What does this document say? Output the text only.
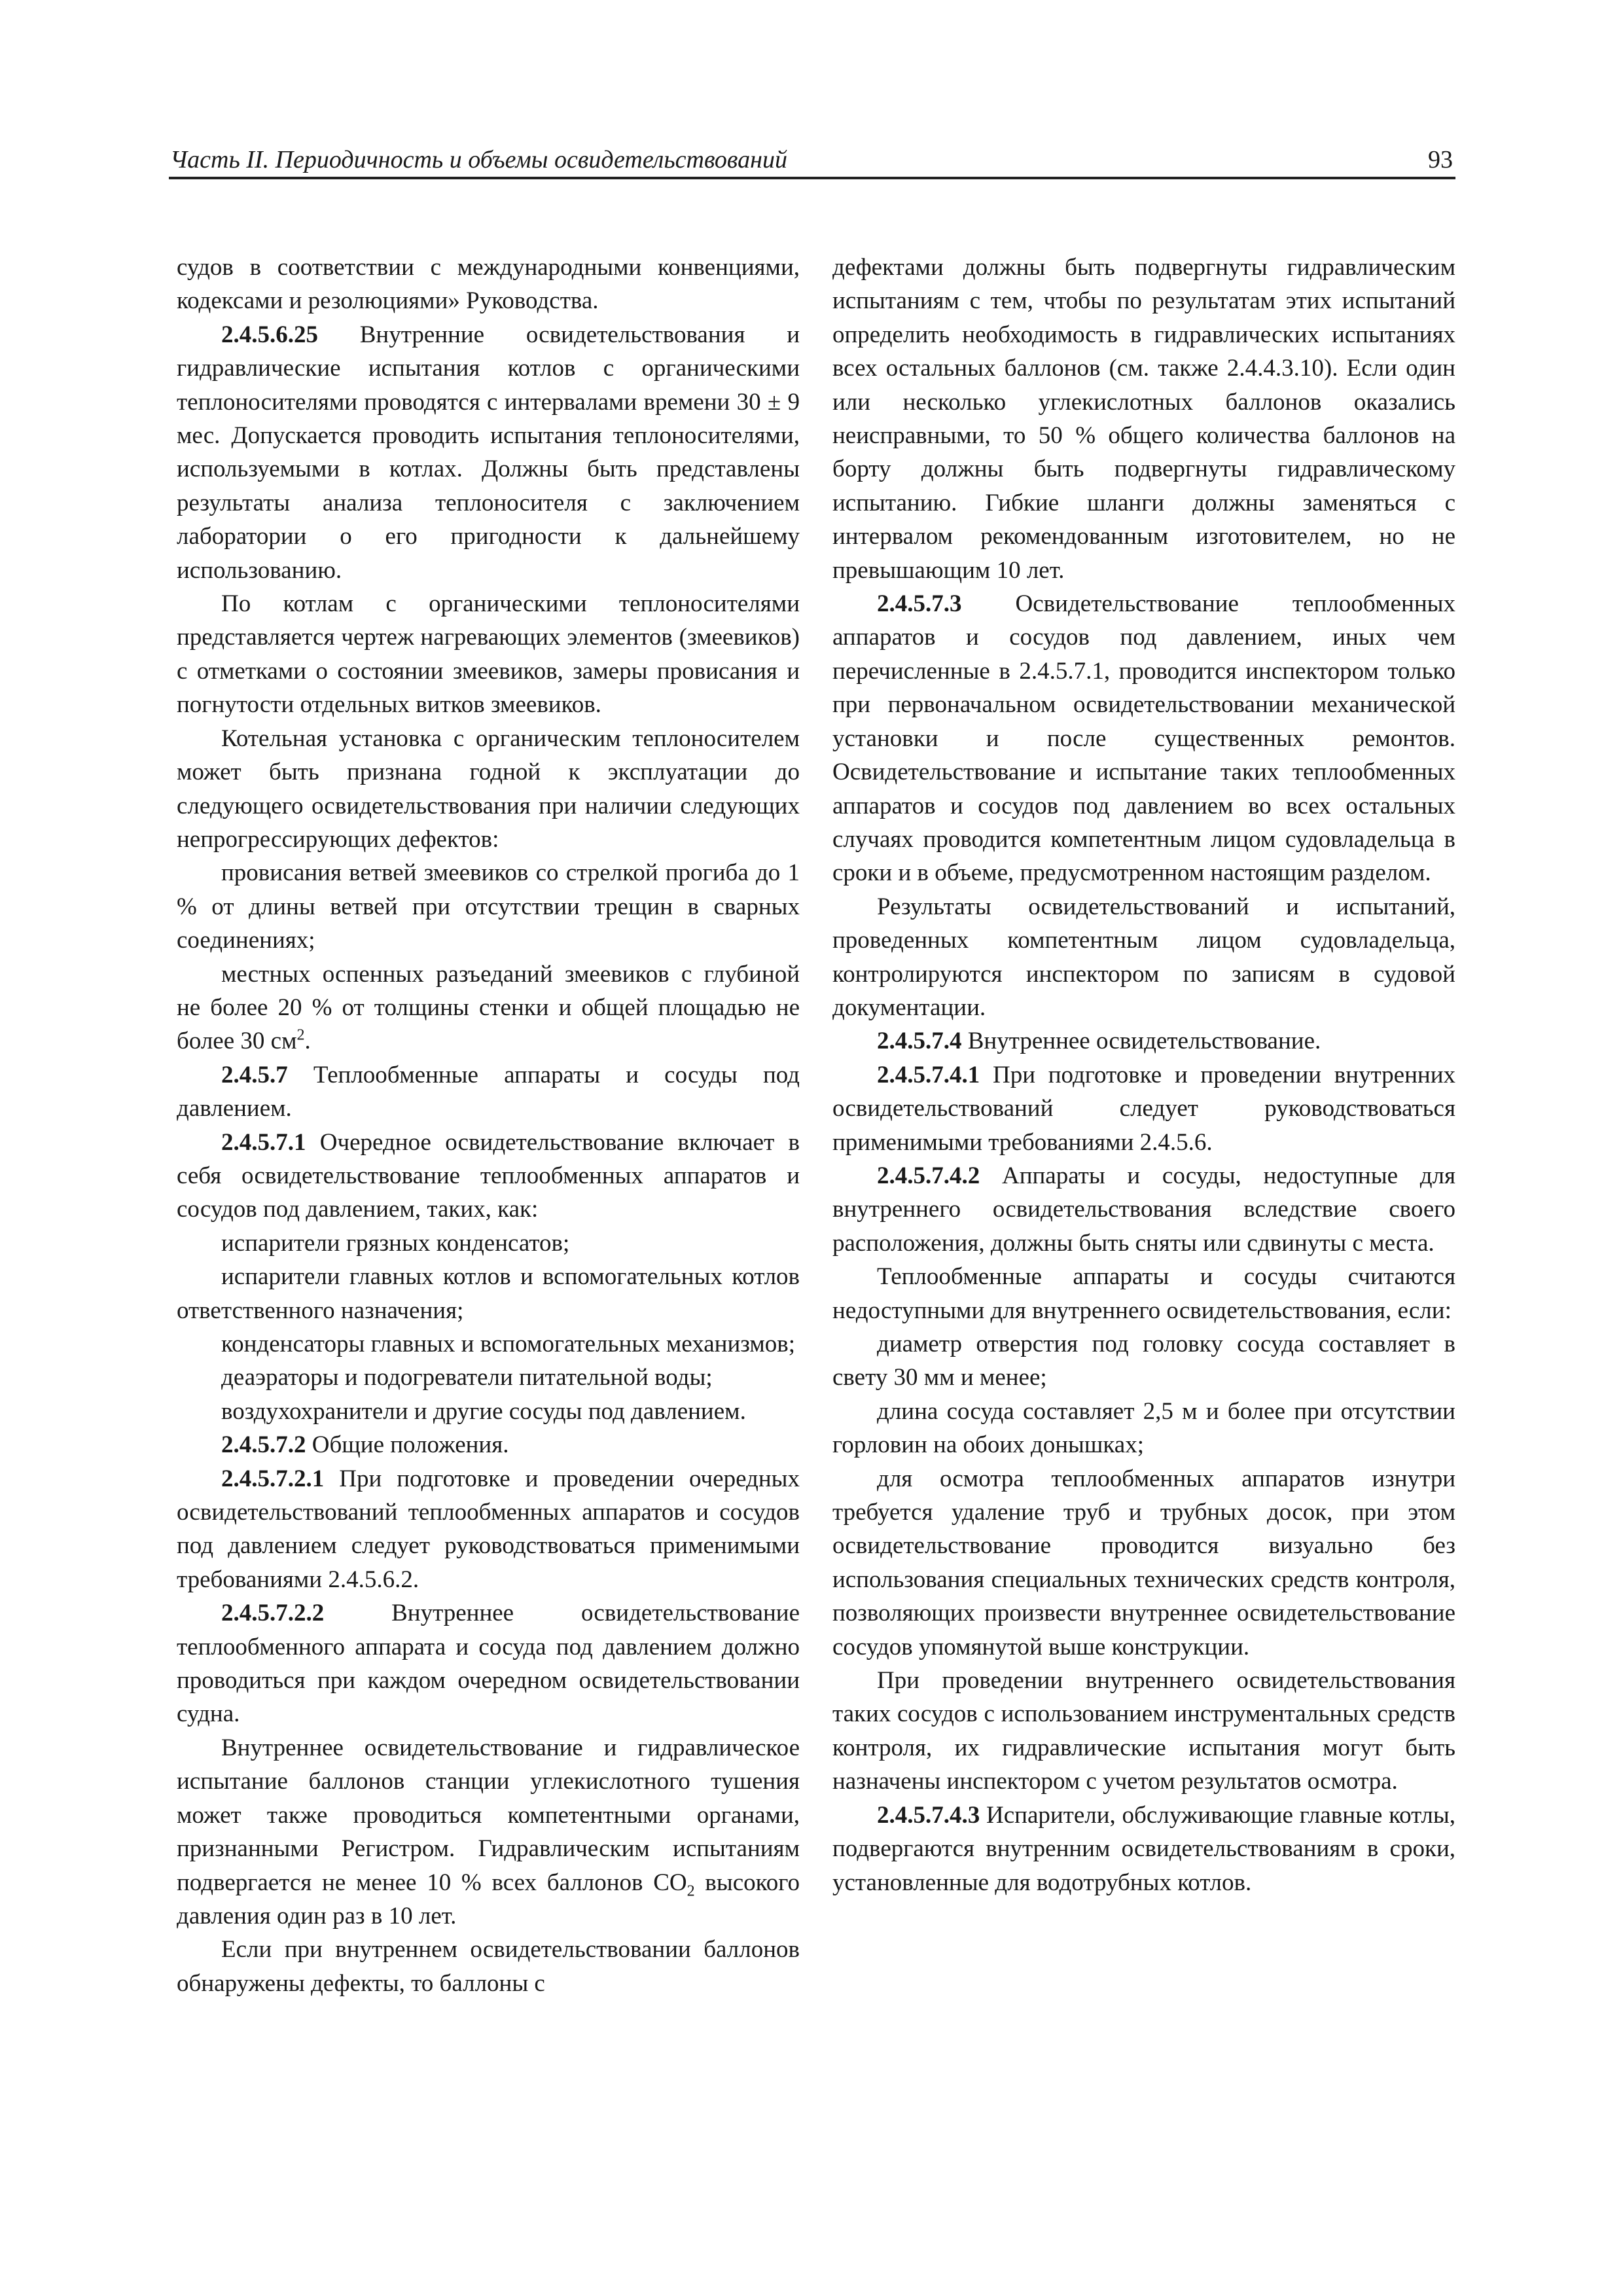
Часть II. Периодичность и объемы освидетельствований	93

судов в соответствии с международными конвенциями, кодексами и резолюциями» Руководства.

2.4.5.6.25 Внутренние освидетельствования и гидравлические испытания котлов с органическими теплоносителями проводятся с интервалами времени 30 ± 9 мес. Допускается проводить испытания теплоносителями, используемыми в котлах. Должны быть представлены результаты анализа теплоносителя с заключением лаборатории о его пригодности к дальнейшему использованию.

По котлам с органическими теплоносителями представляется чертеж нагревающих элементов (змеевиков) с отметками о состоянии змеевиков, замеры провисания и погнутости отдельных витков змеевиков.

Котельная установка с органическим теплоносителем может быть признана годной к эксплуатации до следующего освидетельствования при наличии следующих непрогрессирующих дефектов:

провисания ветвей змеевиков со стрелкой прогиба до 1 % от длины ветвей при отсутствии трещин в сварных соединениях;

местных оспенных разъеданий змеевиков с глубиной не более 20 % от толщины стенки и общей площадью не более 30 $см^2$.

2.4.5.7 Теплообменные аппараты и сосуды под давлением.

2.4.5.7.1 Очередное освидетельствование включает в себя освидетельствование теплообменных аппаратов и сосудов под давлением, таких, как:

испарители грязных конденсатов;

испарители главных котлов и вспомогательных котлов ответственного назначения;

конденсаторы главных и вспомогательных механизмов;

деаэраторы и подогреватели питательной воды;

воздухохранители и другие сосуды под давлением.

2.4.5.7.2 Общие положения.

2.4.5.7.2.1 При подготовке и проведении очередных освидетельствований теплообменных аппаратов и сосудов под давлением следует руководствоваться применимыми требованиями 2.4.5.6.2.

2.4.5.7.2.2	Внутреннее освидетельствование теплообменного аппарата и сосуда под давлением должно проводиться при каждом очередном освидетельствовании судна.

Внутреннее освидетельствование и гидравлическое испытание баллонов станции углекислотного тушения может также проводиться компетентными органами, признанными Регистром. Гидравлическим испытаниям подвергается не менее 10 % всех баллонов $CO_2$ высокого давления один раз в 10 лет.

Если при внутреннем освидетельствовании баллонов обнаружены дефекты, то баллоны с

дефектами должны быть подвергнуты гидравлическим испытаниям с тем, чтобы по результатам этих испытаний определить необходимость в гидравлических испытаниях всех остальных баллонов (см. также 2.4.4.3.10). Если один или несколько углекислотных баллонов оказались неисправными, то 50 % общего количества баллонов на борту должны быть подвергнуты гидравлическому испытанию. Гибкие шланги должны заменяться с интервалом рекомендованным изготовителем, но не превышающим 10 лет.

2.4.5.7.3 Освидетельствование теплообменных аппаратов и сосудов под давлением, иных чем перечисленные в 2.4.5.7.1, проводится инспектором только при первоначальном освидетельствовании механической установки и после существенных ремонтов. Освидетельствование и испытание таких теплообменных аппаратов и сосудов под давлением во всех остальных случаях проводится компетентным лицом судовладельца в сроки и в объеме, предусмотренном настоящим разделом.

Результаты освидетельствований и испытаний, проведенных компетентным лицом судовладельца, контролируются инспектором по записям в судовой документации.

2.4.5.7.4 Внутреннее освидетельствование.

2.4.5.7.4.1 При подготовке и проведении внутренних освидетельствований следует руководствоваться применимыми требованиями 2.4.5.6.

2.4.5.7.4.2 Аппараты и сосуды, недоступные для внутреннего освидетельствования вследствие своего расположения, должны быть сняты или сдвинуты с места.

Теплообменные аппараты и сосуды считаются недоступными для внутреннего освидетельствования, если:

диаметр отверстия под головку сосуда составляет в свету 30 мм и менее;

длина сосуда составляет 2,5 м и более при отсутствии горловин на обоих донышках;

для осмотра теплообменных аппаратов изнутри требуется удаление труб и трубных досок, при этом освидетельствование проводится визуально без использования специальных технических средств контроля, позволяющих произвести внутреннее освидетельствование сосудов упомянутой выше конструкции.

При проведении внутреннего освидетельствования таких сосудов с использованием инструментальных средств контроля, их гидравлические испытания могут быть назначены инспектором с учетом результатов осмотра.

2.4.5.7.4.3 Испарители, обслуживающие главные котлы, подвергаются внутренним освидетельствованиям в сроки, установленные для водотрубных котлов.
